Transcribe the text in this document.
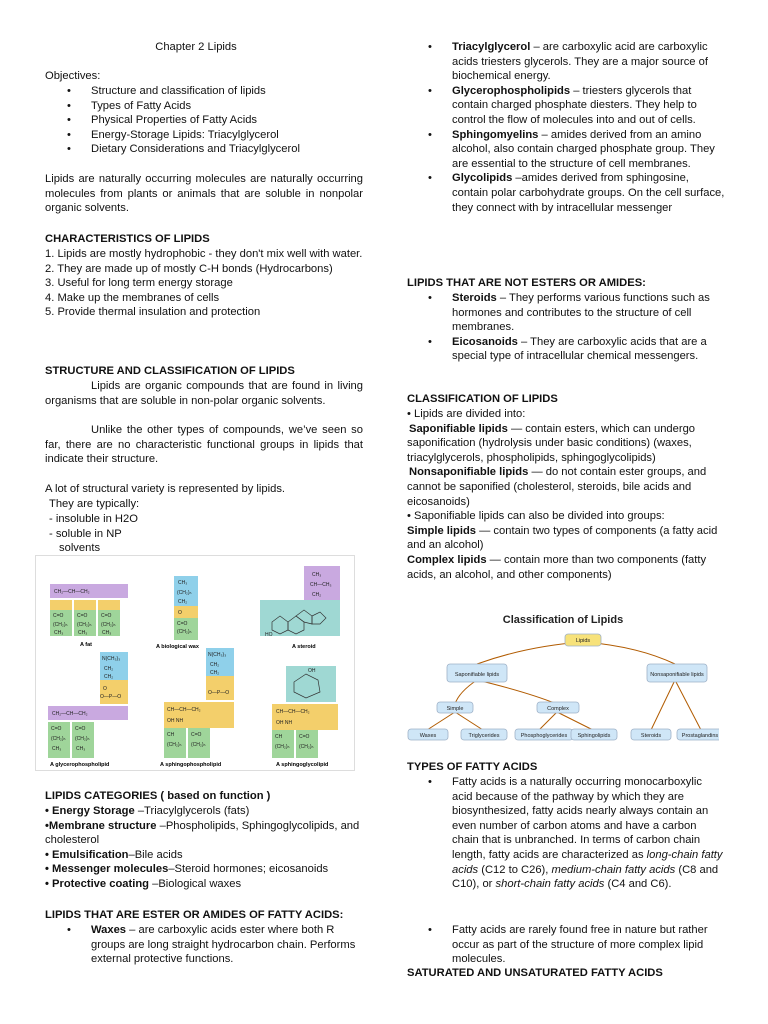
Chapter 2 Lipids

Objectives:

• Structure and classification of lipids
• Types of Fatty Acids
• Physical Properties of Fatty Acids
• Energy-Storage Lipids: Triacylglycerol
• Dietary Considerations and Triacylglycerol

Lipids are naturally occurring molecules are naturally occurring molecules from plants or animals that are soluble in nonpolar organic solvents.

CHARACTERISTICS OF LIPIDS

1. Lipids are mostly hydrophobic - they don't mix well with water.

2. They are made up of mostly C-H bonds (Hydrocarbons)

3. Useful for long term energy storage

4. Make up the membranes of cells

5. Provide thermal insulation and protection

STRUCTURE AND CLASSIFICATION OF LIPIDS

Lipids are organic compounds that are found in living organisms that are soluble in non-polar organic solvents.

Unlike the other types of compounds, we’ve seen so far, there are no characteristic functional groups in lipids that indicate their structure.

A lot of structural variety is represented by lipids.

They are typically:

- insoluble in H2O

- soluble in NP

solvents

CH₂—CH—CH₂
C=O	C=O	C=O
(CH₂)ₙ (CH₂)ₙ (CH₂)ₙ
CH₃	CH₃	CH₃
A fat
CH₃
(CH₂)ₙ
CH₂
O
C=O
(CH₂)ₙ
A biological wax
CH₃
CH—CH₃
CH₂
HO
A steroid
N(CH₃)₃
CH₂
CH₂
O
O—P—O
CH₂—CH—CH₂
C=O	C=O
(CH₂)ₙ (CH₂)ₙ
CH₃	CH₃
A glycerophospholipid
N(CH₃)₃
CH₂
CH₂
O—P—O
CH—CH—CH₂
OH NH
CH	C=O
(CH₂)ₙ (CH₂)ₙ
A sphingophospholipid
OH
CH—CH—CH₂
OH NH
CH	C=O
(CH₂)ₙ (CH₂)ₙ
A sphingoglycolipid

LIPIDS CATEGORIES ( based on function )

• Energy Storage –Triacylglycerols (fats)

•Membrane structure –Phospholipids, Sphingoglycolipids, and cholesterol

• Emulsification–Bile acids

• Messenger molecules–Steroid hormones; eicosanoids

• Protective coating –Biological waxes

LIPIDS THAT ARE ESTER OR AMIDES OF FATTY ACIDS:

• Waxes – are carboxylic acids ester where both R groups are long straight hydrocarbon chain. Performs external protective functions.
• Triacylglycerol – are carboxylic acid are carboxylic acids triesters glycerols. They are a major source of biochemical energy.
• Glycerophospholipids – triesters glycerols that contain charged phosphate diesters. They help to control the flow of molecules into and out of cells.
• Sphingomyelins – amides derived from an amino alcohol, also contain charged phosphate group. They are essential to the structure of cell membranes.
• Glycolipids –amides derived from sphingosine, contain polar carbohydrate groups. On the cell surface, they connect with by intracellular messenger

LIPIDS THAT ARE NOT ESTERS OR AMIDES:

• Steroids – They performs various functions such as hormones and contributes to the structure of cell membranes.
• Eicosanoids – They are carboxylic acids that are a special type of intracellular chemical messengers.

CLASSIFICATION OF LIPIDS

• Lipids are divided into:

Saponifiable lipids — contain esters, which can undergo saponification (hydrolysis under basic conditions) (waxes, triacylglycerols, phospholipids, sphingoglycolipids)

Nonsaponifiable lipids — do not contain ester groups, and cannot be saponified (cholesterol, steroids, bile acids and eicosanoids)

• Saponifiable lipids can also be divided into groups:

Simple lipids — contain two types of components (a fatty acid and an alcohol)

Complex lipids — contain more than two components (fatty acids, an alcohol, and other components)

Classification of Lipids
Lipids
Saponifiable lipids	Nonsaponifiable lipids
Simple	Complex
Waxes	Triglycerides	Phosphoglycerides Sphingolipids	Steroids	Prostaglandins

TYPES OF FATTY ACIDS

• Fatty acids is a naturally occurring monocarboxylic acid because of the pathway by which they are biosynthesized, fatty acids nearly always contain an even number of carbon atoms and have a carbon chain that is unbranched. In terms of carbon chain length, fatty acids are characterized as long-chain fatty acids (C12 to C26), medium-chain fatty acids (C8 and C10), or short-chain fatty acids (C4 and C6).
• Fatty acids are rarely found free in nature but rather occur as part of the structure of more complex lipid molecules.

SATURATED AND UNSATURATED FATTY ACIDS
